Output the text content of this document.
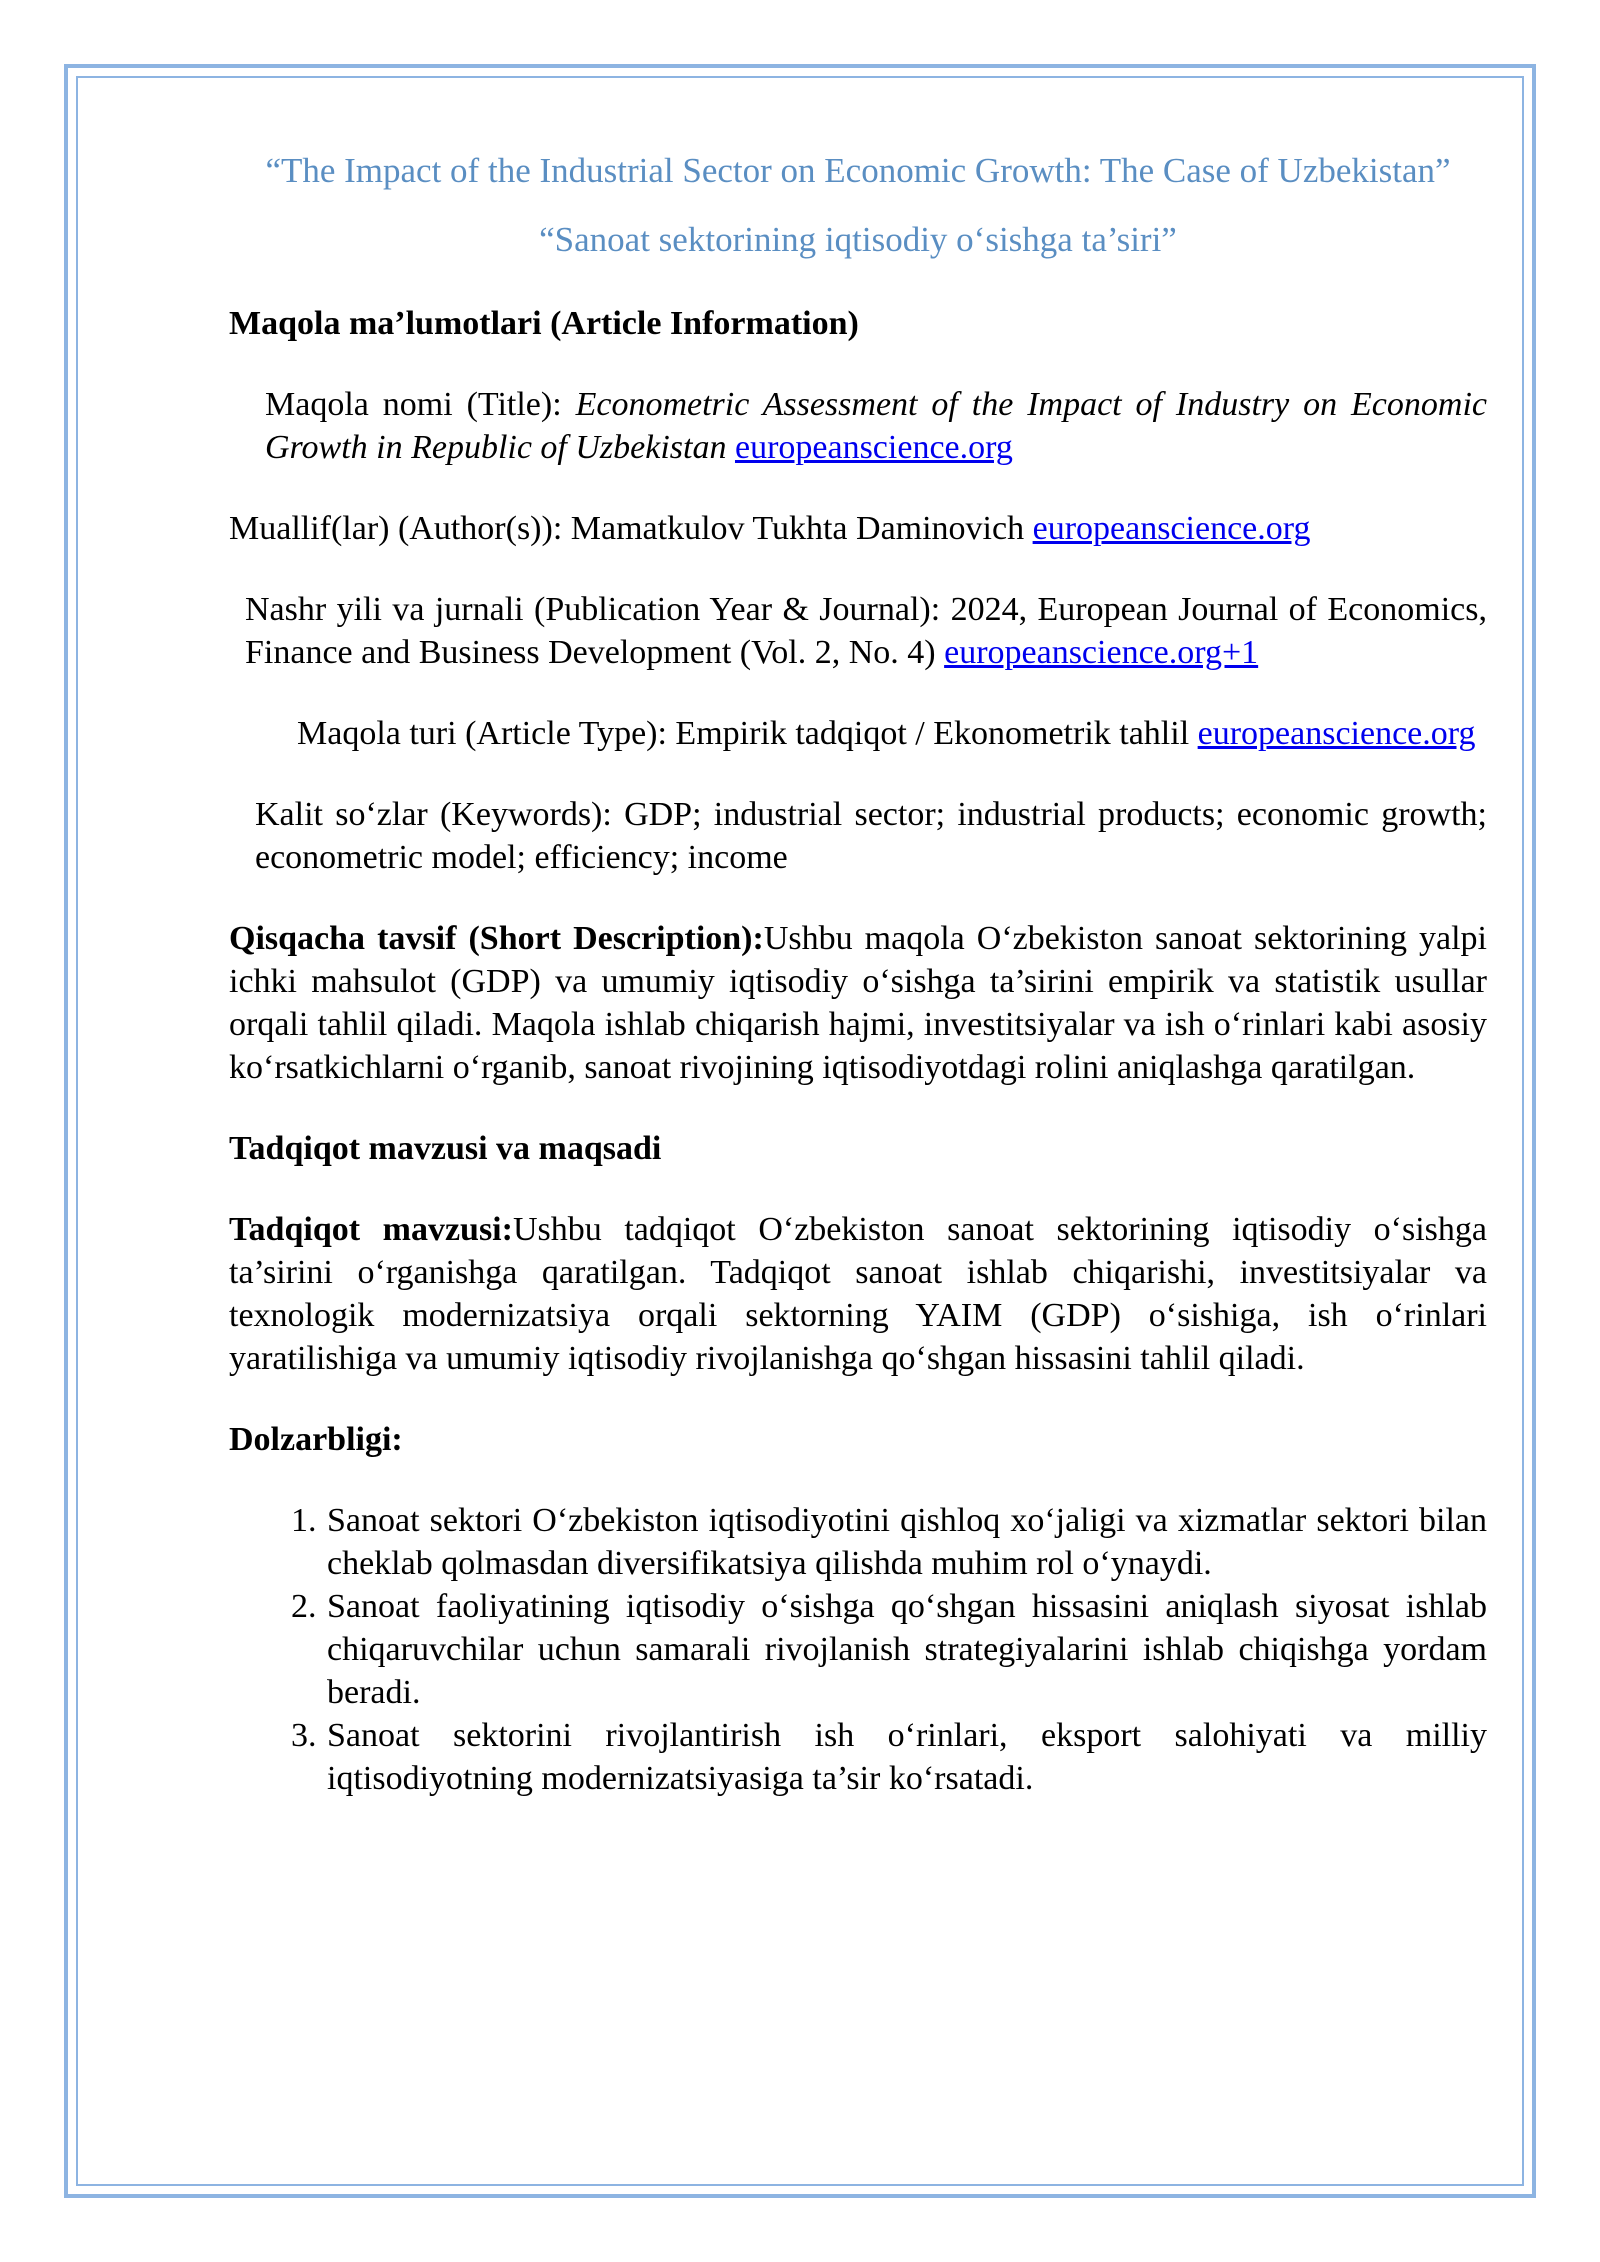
“The Impact of the Industrial Sector on Economic Growth: The Case of Uzbekistan”

“Sanoat sektorining iqtisodiy o‘sishga ta’siri”

Maqola ma’lumotlari (Article Information)

Maqola nomi (Title): Econometric Assessment of the Impact of Industry on Economic Growth in Republic of Uzbekistan europeanscience.org

Muallif(lar) (Author(s)): Mamatkulov Tukhta Daminovich europeanscience.org

Nashr yili va jurnali (Publication Year & Journal): 2024, European Journal of Economics, Finance and Business Development (Vol. 2, No. 4) europeanscience.org+1

Maqola turi (Article Type): Empirik tadqiqot / Ekonometrik tahlil europeanscience.org

Kalit so‘zlar (Keywords): GDP; industrial sector; industrial products; economic growth; econometric model; efficiency; income

Qisqacha tavsif (Short Description):Ushbu maqola O‘zbekiston sanoat sektorining yalpi ichki mahsulot (GDP) va umumiy iqtisodiy o‘sishga ta’sirini empirik va statistik usullar orqali tahlil qiladi. Maqola ishlab chiqarish hajmi, investitsiyalar va ish o‘rinlari kabi asosiy ko‘rsatkichlarni o‘rganib, sanoat rivojining iqtisodiyotdagi rolini aniqlashga qaratilgan.

Tadqiqot mavzusi va maqsadi

Tadqiqot mavzusi:Ushbu tadqiqot O‘zbekiston sanoat sektorining iqtisodiy o‘sishga ta’sirini o‘rganishga qaratilgan. Tadqiqot sanoat ishlab chiqarishi, investitsiyalar va texnologik modernizatsiya orqali sektorning YAIM (GDP) o‘sishiga, ish o‘rinlari yaratilishiga va umumiy iqtisodiy rivojlanishga qo‘shgan hissasini tahlil qiladi.

Dolzarbligi:

1. Sanoat sektori O‘zbekiston iqtisodiyotini qishloq xo‘jaligi va xizmatlar sektori bilan cheklab qolmasdan diversifikatsiya qilishda muhim rol o‘ynaydi.
2. Sanoat faoliyatining iqtisodiy o‘sishga qo‘shgan hissasini aniqlash siyosat ishlab chiqaruvchilar uchun samarali rivojlanish strategiyalarini ishlab chiqishga yordam beradi.
3. Sanoat sektorini rivojlantirish ish o‘rinlari, eksport salohiyati va milliy iqtisodiyotning modernizatsiyasiga ta’sir ko‘rsatadi.
